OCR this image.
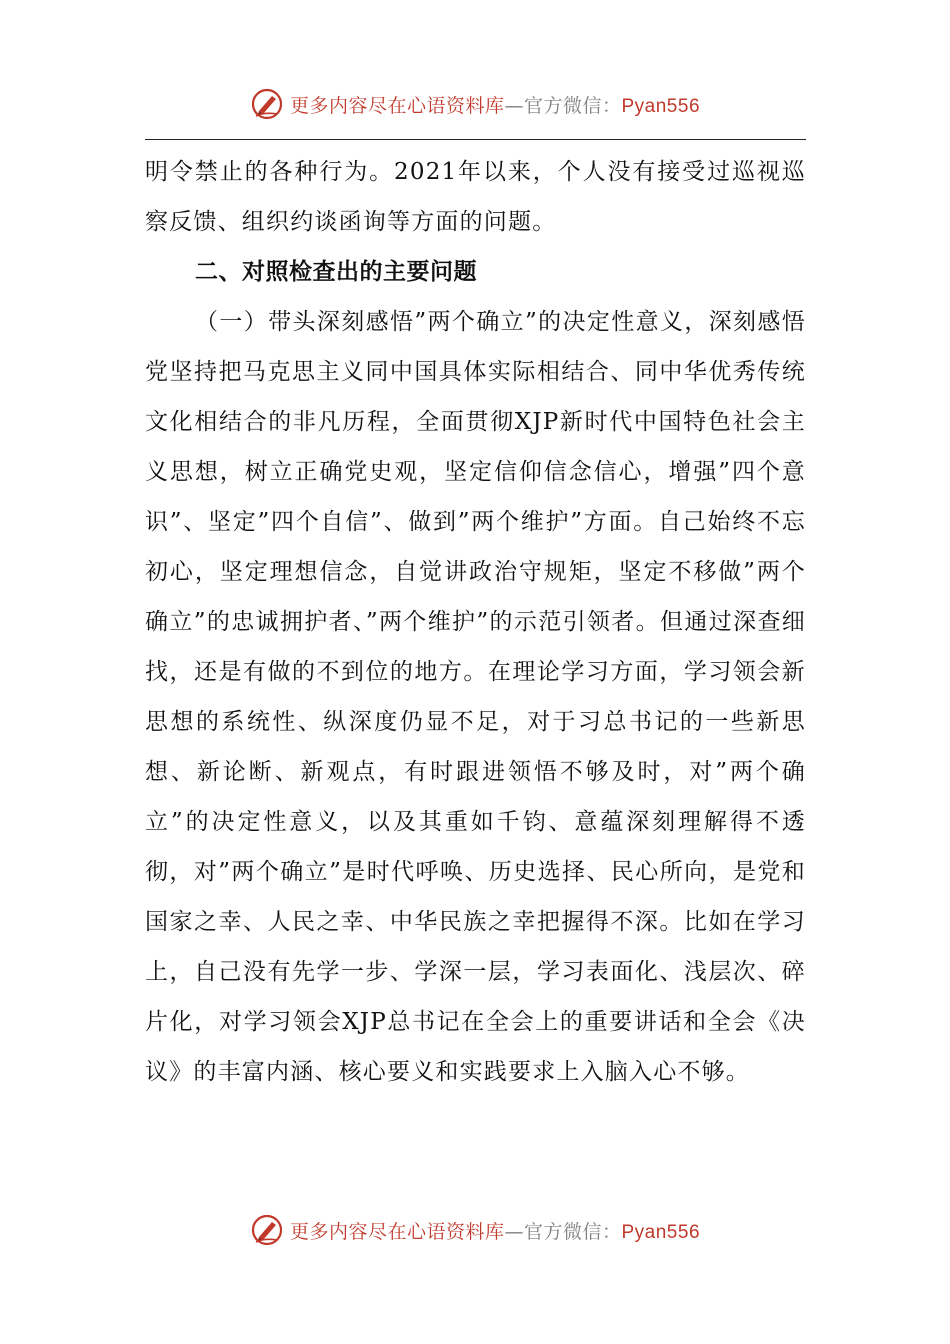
更多内容尽在心语资料库—官方微信：Pyan556

明令禁止的各种行为。2021年以来，个人没有接受过巡视巡察反馈、组织约谈函询等方面的问题。

二、对照检查出的主要问题

（一）带头深刻感悟”两个确立”的决定性意义，深刻感悟党坚持把马克思主义同中国具体实际相结合、同中华优秀传统文化相结合的非凡历程，全面贯彻XJP新时代中国特色社会主义思想，树立正确党史观，坚定信仰信念信心，增强”四个意识”、坚定”四个自信”、做到”两个维护”方面。自己始终不忘初心，坚定理想信念，自觉讲政治守规矩，坚定不移做”两个确立”的忠诚拥护者、”两个维护”的示范引领者。但通过深查细找，还是有做的不到位的地方。在理论学习方面，学习领会新思想的系统性、纵深度仍显不足，对于习总书记的一些新思想、新论断、新观点，有时跟进领悟不够及时，对”两个确立”的决定性意义，以及其重如千钧、意蕴深刻理解得不透彻，对”两个确立”是时代呼唤、历史选择、民心所向，是党和国家之幸、人民之幸、中华民族之幸把握得不深。比如在学习上，自己没有先学一步、学深一层，学习表面化、浅层次、碎片化，对学习领会XJP总书记在全会上的重要讲话和全会《决议》的丰富内涵、核心要义和实践要求上入脑入心不够。

更多内容尽在心语资料库—官方微信：Pyan556
